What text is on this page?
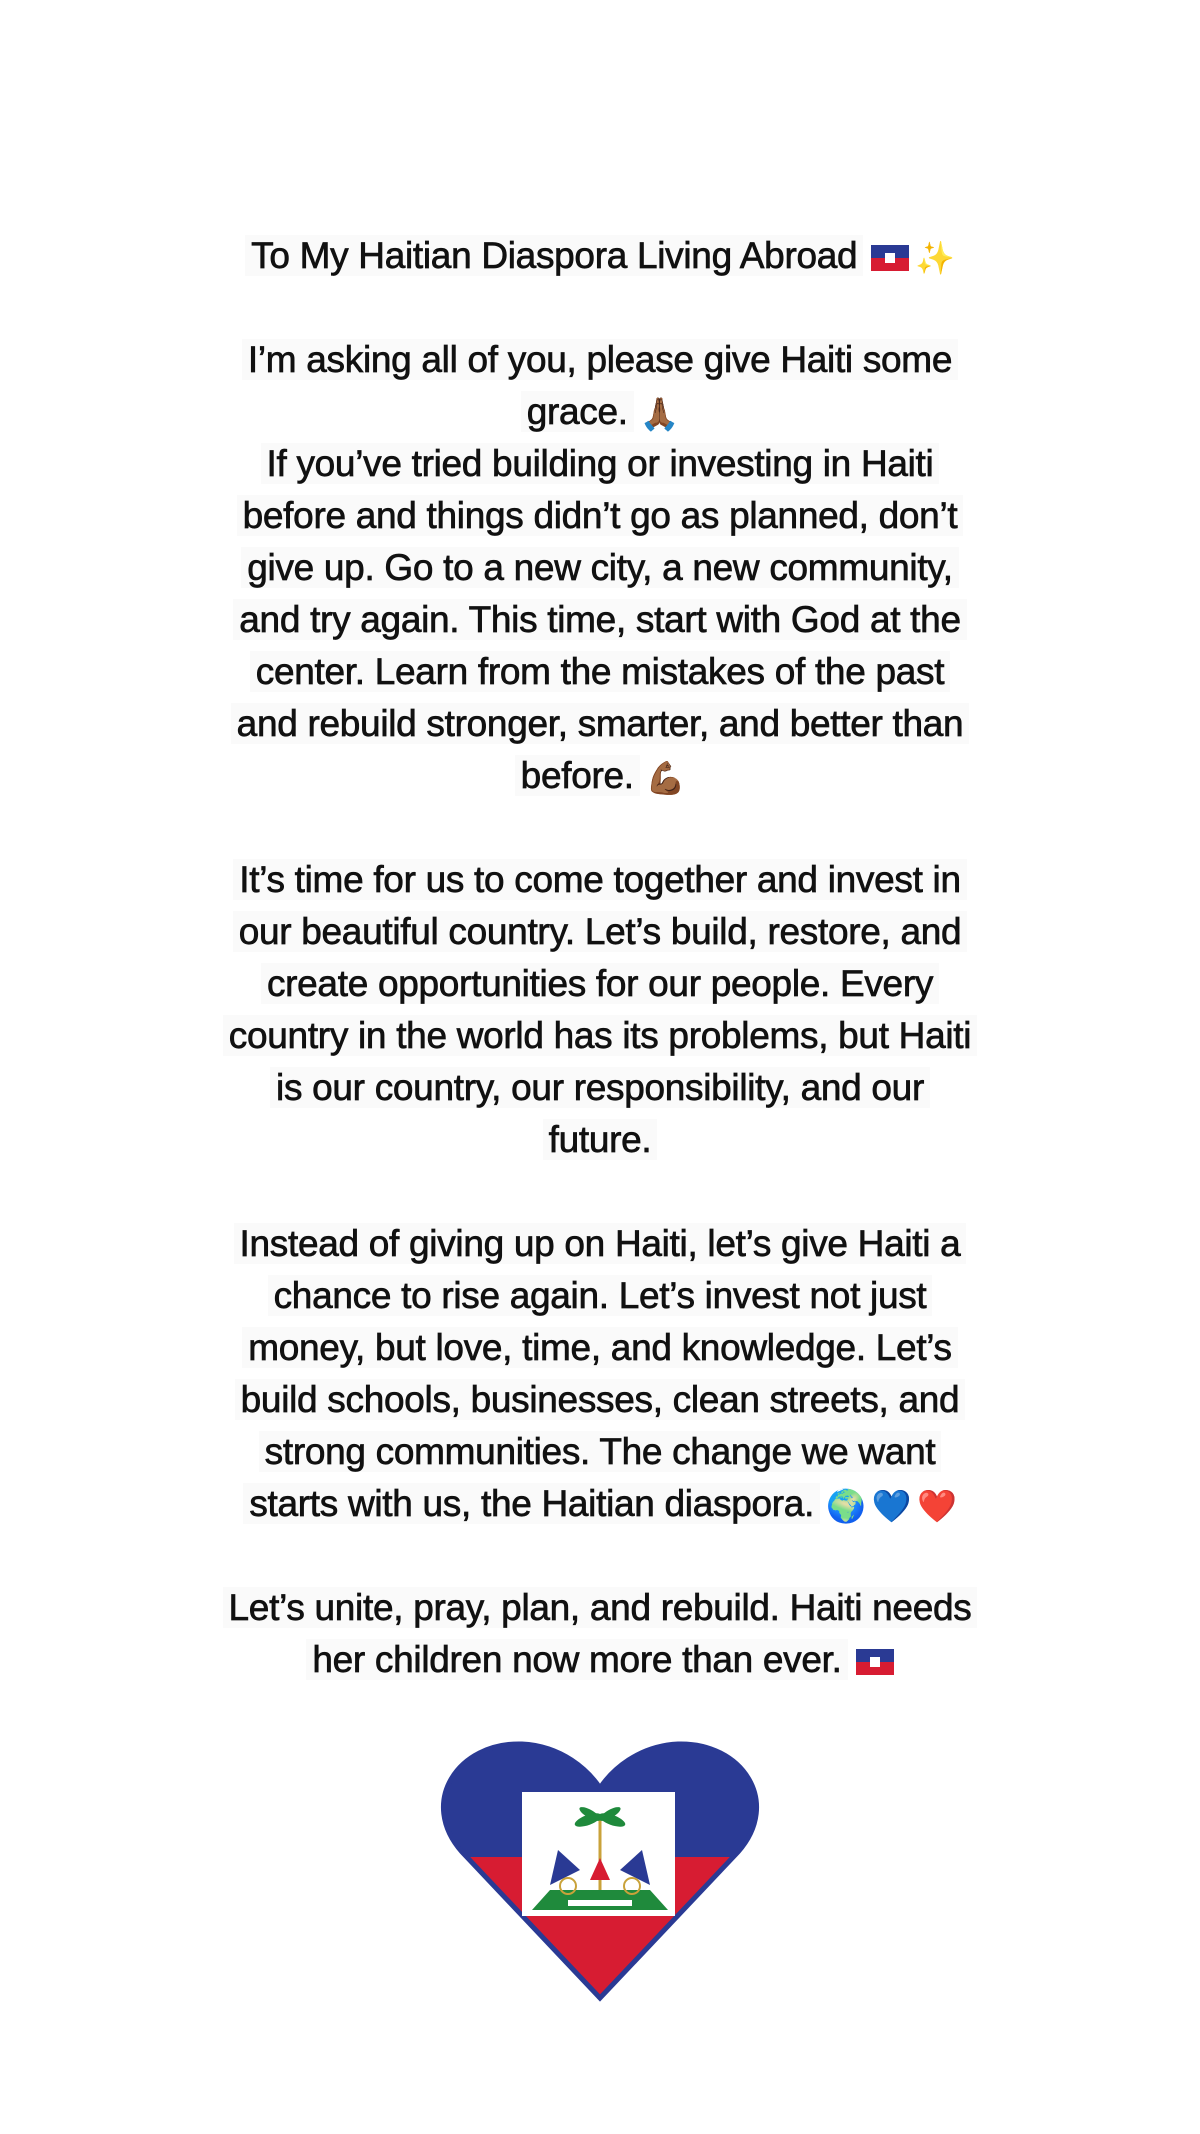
To My Haitian Diaspora Living Abroad ✨
I’m asking all of you, please give Haiti some
grace. 🙏🏾
If you’ve tried building or investing in Haiti
before and things didn’t go as planned, don’t
give up. Go to a new city, a new community,
and try again. This time, start with God at the
center. Learn from the mistakes of the past
and rebuild stronger, smarter, and better than
before. 💪🏾
It’s time for us to come together and invest in
our beautiful country. Let’s build, restore, and
create opportunities for our people. Every
country in the world has its problems, but Haiti
is our country, our responsibility, and our
future.
Instead of giving up on Haiti, let’s give Haiti a
chance to rise again. Let’s invest not just
money, but love, time, and knowledge. Let’s
build schools, businesses, clean streets, and
strong communities. The change we want
starts with us, the Haitian diaspora. 🌍 💙 ❤️
Let’s unite, pray, plan, and rebuild. Haiti needs
her children now more than ever.
